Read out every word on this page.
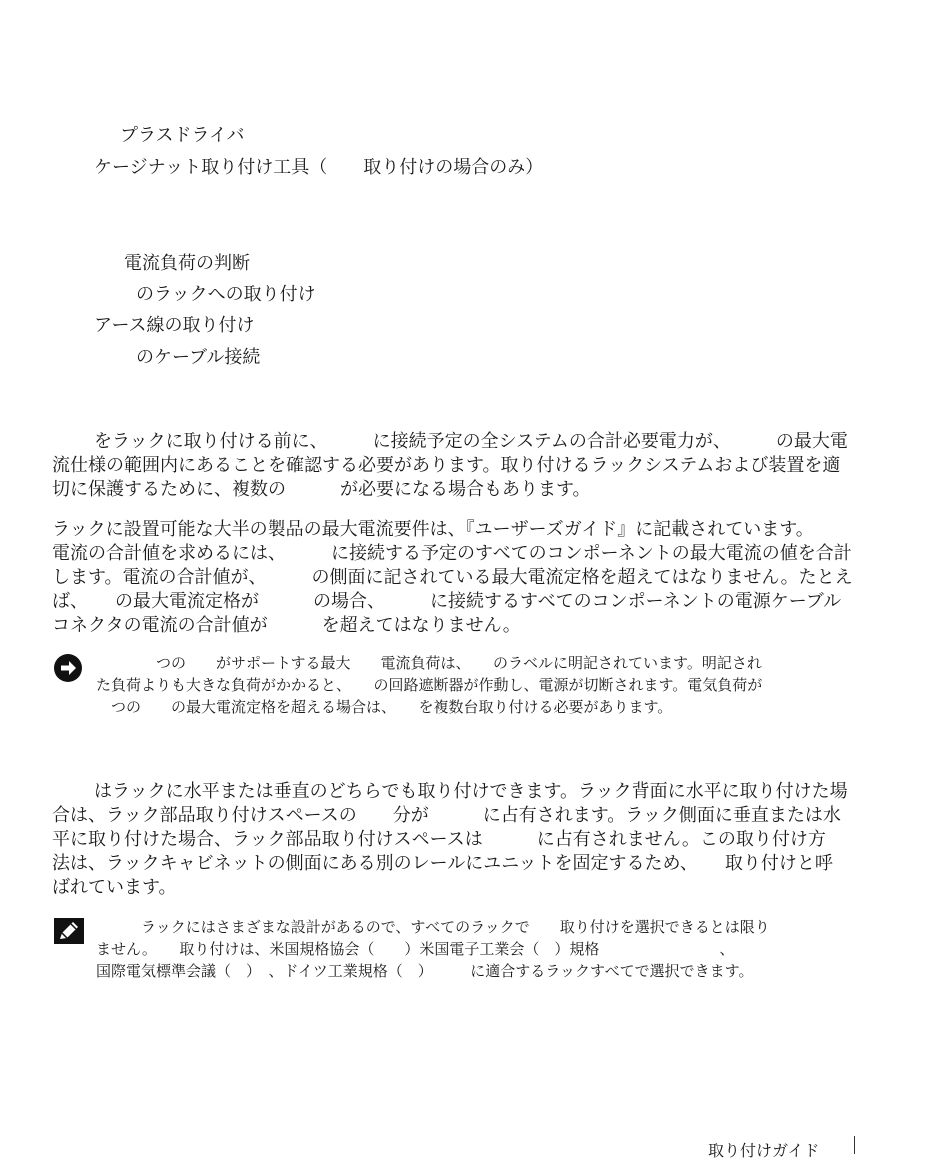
プラスドライバ
ケージナット取り付け工具（　　取り付けの場合のみ）
電流負荷の判断
のラックへの取り付け
アース線の取り付け
のケーブル接続
をラックに取り付ける前に、　　　に接続予定の全システムの合計必要電力が、　　　の最大電
流仕様の範囲内にあることを確認する必要があります。取り付けるラックシステムおよび装置を適
切に保護するために、複数の　　　が必要になる場合もあります。
ラックに設置可能な大半の製品の最大電流要件は、『ユーザーズガイド』に記載されています。
電流の合計値を求めるには、　　　に接続する予定のすべてのコンポーネントの最大電流の値を合計
します。電流の合計値が、　　　の側面に記されている最大電流定格を超えてはなりません。たとえ
ば、　　の最大電流定格が　　　の場合、　　　に接続するすべてのコンポーネントの電源ケーブル
コネクタの電流の合計値が　　　を超えてはなりません。
　　　　つの　　がサポートする最大　　電流負荷は、　　のラベルに明記されています。明記され
た負荷よりも大きな負荷がかかると、　　の回路遮断器が作動し、電源が切断されます。電気負荷が
　つの　　の最大電流定格を超える場合は、　　を複数台取り付ける必要があります。
はラックに水平または垂直のどちらでも取り付けできます。ラック背面に水平に取り付けた場
合は、ラック部品取り付けスペースの　　分が　　　に占有されます。ラック側面に垂直または水
平に取り付けた場合、ラック部品取り付けスペースは　　　に占有されません。この取り付け方
法は、ラックキャビネットの側面にある別のレールにユニットを固定するため、　　取り付けと呼
ばれています。
　　　ラックにはさまざまな設計があるので、すべてのラックで　　取り付けを選択できるとは限り
ません。　　取り付けは、米国規格協会（　　）米国電子工業会（　）規格　　　　　　　　、
国際電気標準会議（　）　、ドイツ工業規格（　）　　　に適合するラックすべてで選択できます。
取り付けガイド
